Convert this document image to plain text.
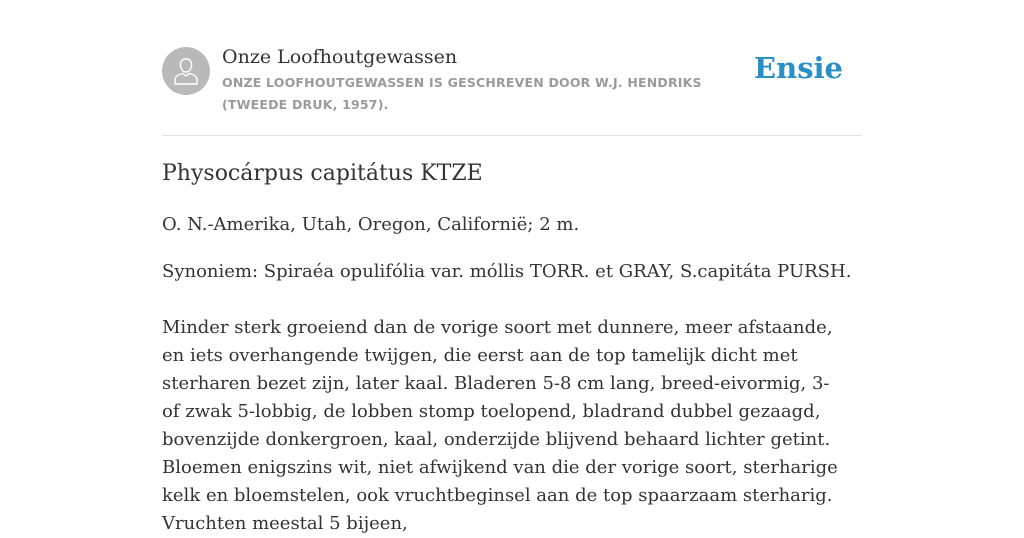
Onze Loofhoutgewassen
ONZE LOOFHOUTGEWASSEN IS GESCHREVEN DOOR W.J. HENDRIKS (TWEEDE DRUK, 1957).
Ensie
Physocárpus capitátus KTZE

O. N.-Amerika, Utah, Oregon, Californië; 2 m.

Synoniem: Spiraéa opulifólia var. móllis TORR. et GRAY, S.capitáta PURSH.

Minder sterk groeiend dan de vorige soort met dunnere, meer afstaande, en iets overhangende twijgen, die eerst aan de top tamelijk dicht met sterharen bezet zijn, later kaal. Bladeren 5-8 cm lang, breed-eivormig, 3- of zwak 5-lobbig, de lobben stomp toelopend, bladrand dubbel gezaagd, bovenzijde donkergroen, kaal, onderzijde blijvend behaard lichter getint. Bloemen enigszins wit, niet afwijkend van die der vorige soort, sterharige kelk en bloemstelen, ook vruchtbeginsel aan de top spaarzaam sterharig. Vruchten meestal 5 bijeen,
